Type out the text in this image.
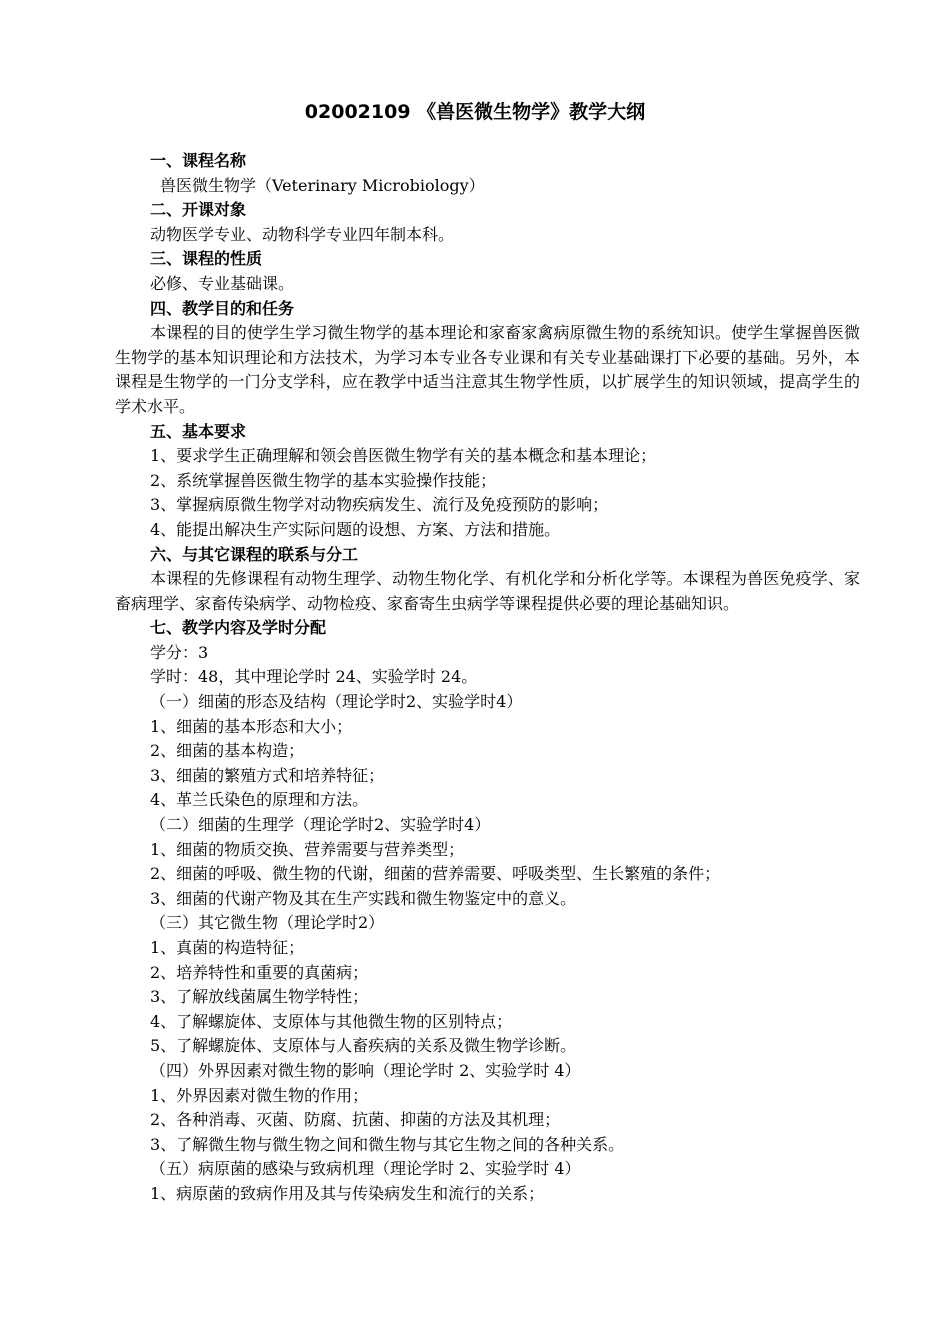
02002109 《兽医微生物学》教学大纲
一、课程名称
兽医微生物学（Veterinary Microbiology）
二、开课对象
动物医学专业、动物科学专业四年制本科。
三、课程的性质
必修、专业基础课。
四、教学目的和任务
本课程的目的使学生学习微生物学的基本理论和家畜家禽病原微生物的系统知识。使学生掌握兽医微生物学的基本知识理论和方法技术，为学习本专业各专业课和有关专业基础课打下必要的基础。另外，本课程是生物学的一门分支学科，应在教学中适当注意其生物学性质，以扩展学生的知识领域，提高学生的学术水平。
五、基本要求
1、要求学生正确理解和领会兽医微生物学有关的基本概念和基本理论；
2、系统掌握兽医微生物学的基本实验操作技能；
3、掌握病原微生物学对动物疾病发生、流行及免疫预防的影响；
4、能提出解决生产实际问题的设想、方案、方法和措施。
六、与其它课程的联系与分工
本课程的先修课程有动物生理学、动物生物化学、有机化学和分析化学等。本课程为兽医免疫学、家畜病理学、家畜传染病学、动物检疫、家畜寄生虫病学等课程提供必要的理论基础知识。
七、教学内容及学时分配
学分：3
学时：48，其中理论学时 24、实验学时 24。
（一）细菌的形态及结构（理论学时2、实验学时4）
1、细菌的基本形态和大小；
2、细菌的基本构造；
3、细菌的繁殖方式和培养特征；
4、革兰氏染色的原理和方法。
（二）细菌的生理学（理论学时2、实验学时4）
1、细菌的物质交换、营养需要与营养类型；
2、细菌的呼吸、微生物的代谢，细菌的营养需要、呼吸类型、生长繁殖的条件；
3、细菌的代谢产物及其在生产实践和微生物鉴定中的意义。
（三）其它微生物（理论学时2）
1、真菌的构造特征；
2、培养特性和重要的真菌病；
3、了解放线菌属生物学特性；
4、了解螺旋体、支原体与其他微生物的区别特点；
5、了解螺旋体、支原体与人畜疾病的关系及微生物学诊断。
（四）外界因素对微生物的影响（理论学时 2、实验学时 4）
1、外界因素对微生物的作用；
2、各种消毒、灭菌、防腐、抗菌、抑菌的方法及其机理；
3、了解微生物与微生物之间和微生物与其它生物之间的各种关系。
（五）病原菌的感染与致病机理（理论学时 2、实验学时 4）
1、病原菌的致病作用及其与传染病发生和流行的关系；
